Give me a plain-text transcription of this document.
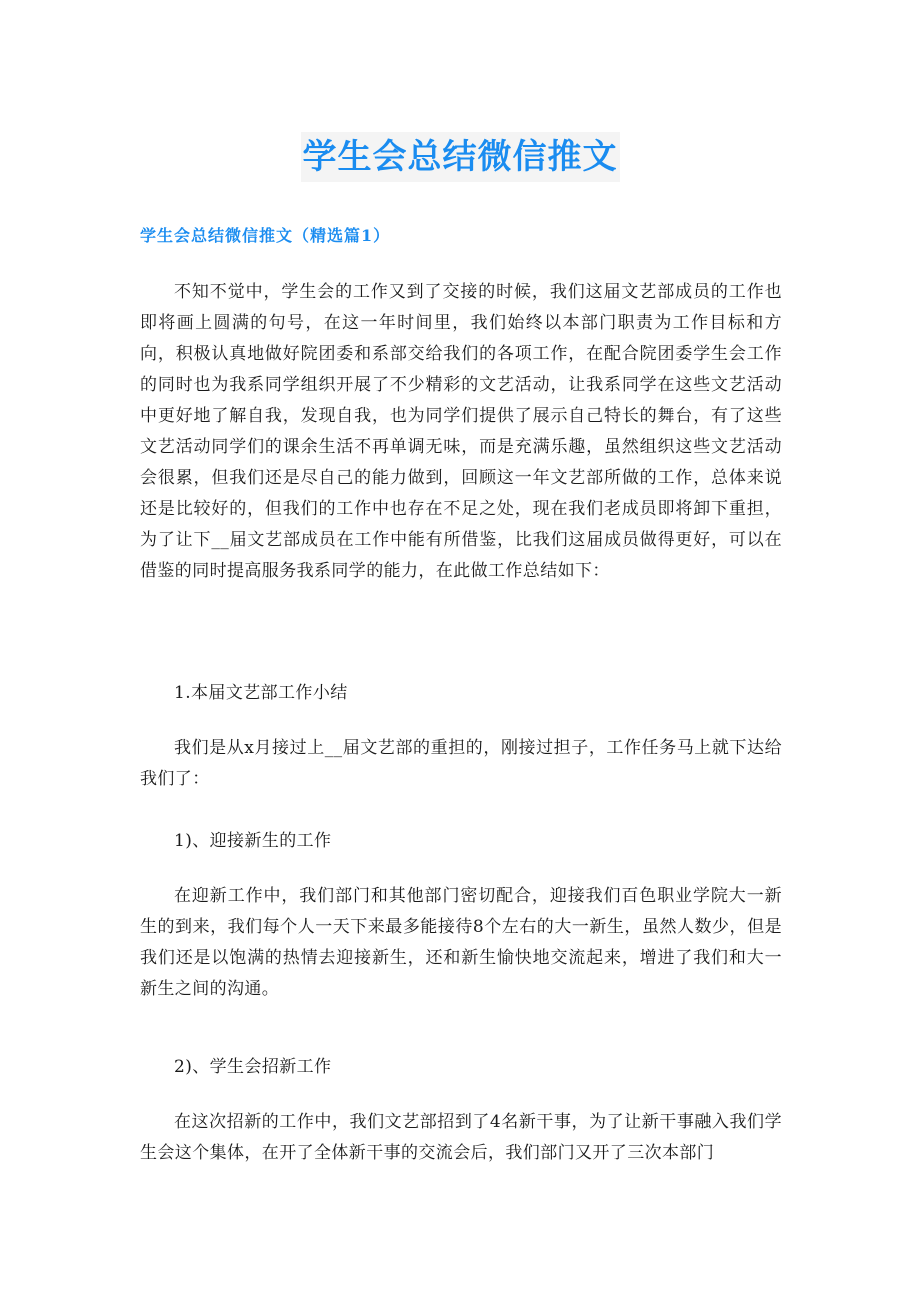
学生会总结微信推文
学生会总结微信推文（精选篇1）

不知不觉中，学生会的工作又到了交接的时候，我们这届文艺部成员的工作也即将画上圆满的句号，在这一年时间里，我们始终以本部门职责为工作目标和方向，积极认真地做好院团委和系部交给我们的各项工作，在配合院团委学生会工作的同时也为我系同学组织开展了不少精彩的文艺活动，让我系同学在这些文艺活动中更好地了解自我，发现自我，也为同学们提供了展示自己特长的舞台，有了这些文艺活动同学们的课余生活不再单调无味，而是充满乐趣，虽然组织这些文艺活动会很累，但我们还是尽自己的能力做到，回顾这一年文艺部所做的工作，总体来说还是比较好的，但我们的工作中也存在不足之处，现在我们老成员即将卸下重担，为了让下__届文艺部成员在工作中能有所借鉴，比我们这届成员做得更好，可以在借鉴的同时提高服务我系同学的能力，在此做工作总结如下：

1.本届文艺部工作小结

我们是从x月接过上__届文艺部的重担的，刚接过担子，工作任务马上就下达给我们了：

1)、迎接新生的工作

在迎新工作中，我们部门和其他部门密切配合，迎接我们百色职业学院大一新生的到来，我们每个人一天下来最多能接待8个左右的大一新生，虽然人数少，但是我们还是以饱满的热情去迎接新生，还和新生愉快地交流起来，增进了我们和大一新生之间的沟通。

2)、学生会招新工作

在这次招新的工作中，我们文艺部招到了4名新干事，为了让新干事融入我们学生会这个集体，在开了全体新干事的交流会后，我们部门又开了三次本部门
